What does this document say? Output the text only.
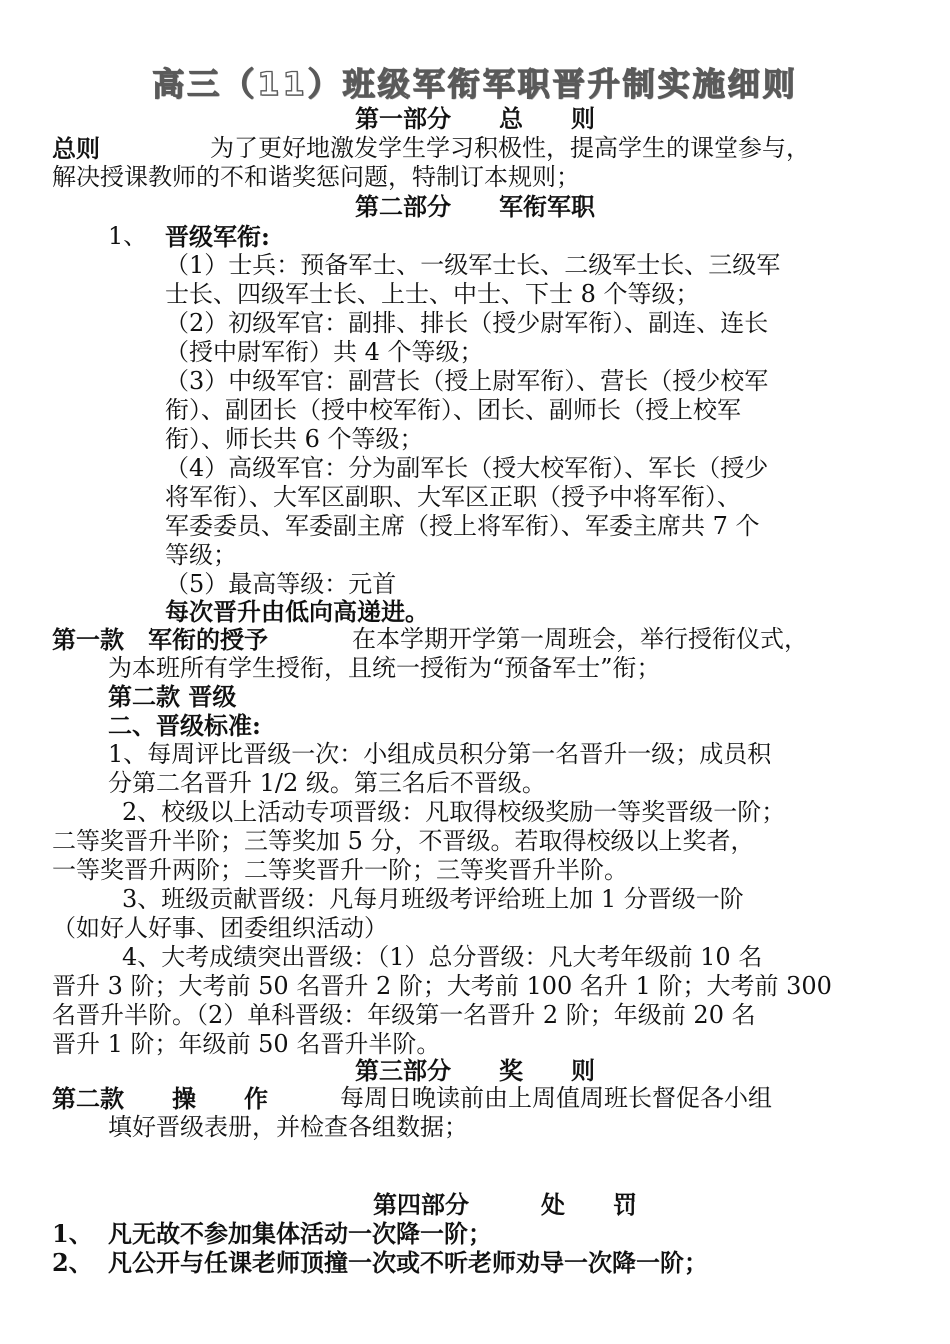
高三（11）班级军衔军职晋升制实施细则
第一部分　　总　　则
总则	为了更好地激发学生学习积极性，提高学生的课堂参与，
解决授课教师的不和谐奖惩问题，特制订本规则；
第二部分　　军衔军职
1、 晋级军衔:
（1）士兵：预备军士、一级军士长、二级军士长、三级军
士长、四级军士长、上士、中士、下士 8 个等级；
（2）初级军官：副排、排长（授少尉军衔）、副连、连长
（授中尉军衔）共 4 个等级；
（3）中级军官：副营长（授上尉军衔）、营长（授少校军
衔）、副团长（授中校军衔）、团长、副师长（授上校军
衔）、师长共 6 个等级；
（4）高级军官：分为副军长（授大校军衔）、军长（授少
将军衔）、大军区副职、大军区正职（授予中将军衔）、
军委委员、军委副主席（授上将军衔）、军委主席共 7 个
等级；
（5）最高等级：元首
每次晋升由低向高递进。
第一款　军衔的授予	在本学期开学第一周班会，举行授衔仪式，
为本班所有学生授衔，且统一授衔为“预备军士”衔；
第二款 晋级
二、晋级标准:
1、每周评比晋级一次：小组成员积分第一名晋升一级；成员积
分第二名晋升 1/2 级。第三名后不晋级。
2、校级以上活动专项晋级：凡取得校级奖励一等奖晋级一阶；
二等奖晋升半阶；三等奖加 5 分，不晋级。若取得校级以上奖者，
一等奖晋升两阶；二等奖晋升一阶；三等奖晋升半阶。
3、班级贡献晋级：凡每月班级考评给班上加 1 分晋级一阶
（如好人好事、团委组织活动）
4、大考成绩突出晋级：（1）总分晋级：凡大考年级前 10 名
晋升 3 阶；大考前 50 名晋升 2 阶；大考前 100 名升 1 阶；大考前 300
名晋升半阶。（2）单科晋级：年级第一名晋升 2 阶；年级前 20 名
晋升 1 阶；年级前 50 名晋升半阶。
第三部分　　奖　　则
第二款　　操　　作	每周日晚读前由上周值周班长督促各小组
填好晋级表册，并检查各组数据；
第四部分　　　处　　罚
1、 凡无故不参加集体活动一次降一阶；
2、 凡公开与任课老师顶撞一次或不听老师劝导一次降一阶；
